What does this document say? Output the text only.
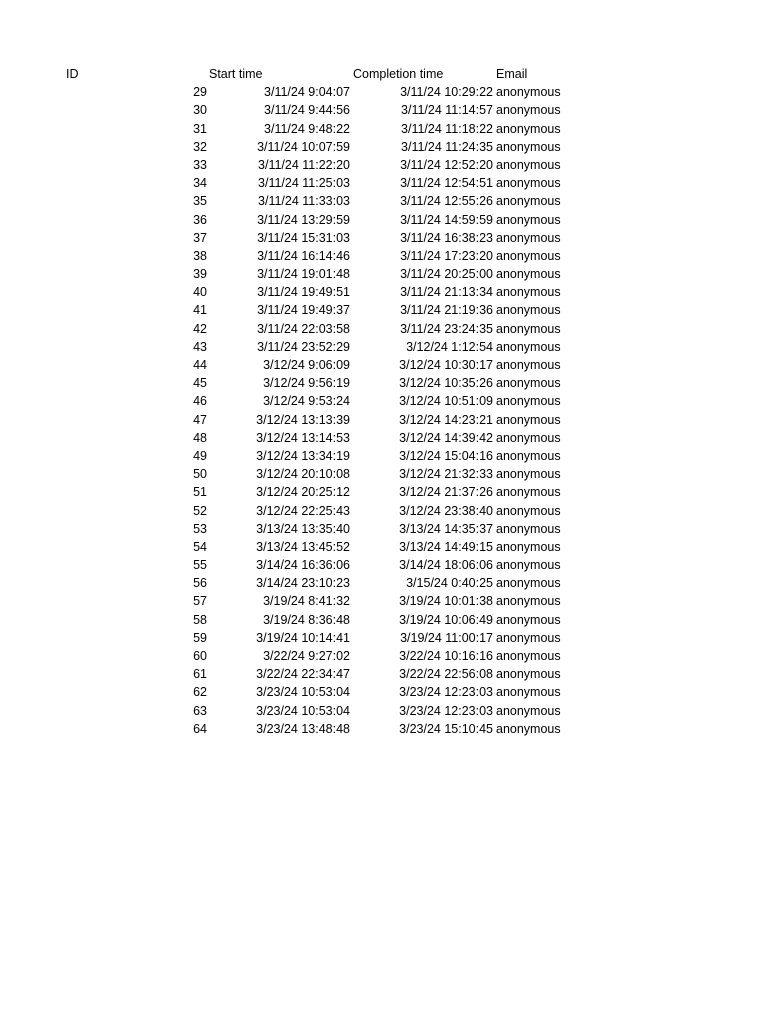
ID	Start time	Completion time	Email
29	3/11/24 9:04:07	3/11/24 10:29:22 anonymous
30	3/11/24 9:44:56	3/11/24 11:14:57 anonymous
31	3/11/24 9:48:22	3/11/24 11:18:22 anonymous
32	3/11/24 10:07:59	3/11/24 11:24:35 anonymous
33	3/11/24 11:22:20	3/11/24 12:52:20 anonymous
34	3/11/24 11:25:03	3/11/24 12:54:51 anonymous
35	3/11/24 11:33:03	3/11/24 12:55:26 anonymous
36	3/11/24 13:29:59	3/11/24 14:59:59 anonymous
37	3/11/24 15:31:03	3/11/24 16:38:23 anonymous
38	3/11/24 16:14:46	3/11/24 17:23:20 anonymous
39	3/11/24 19:01:48	3/11/24 20:25:00 anonymous
40	3/11/24 19:49:51	3/11/24 21:13:34 anonymous
41	3/11/24 19:49:37	3/11/24 21:19:36 anonymous
42	3/11/24 22:03:58	3/11/24 23:24:35 anonymous
43	3/11/24 23:52:29	3/12/24 1:12:54 anonymous
44	3/12/24 9:06:09	3/12/24 10:30:17 anonymous
45	3/12/24 9:56:19	3/12/24 10:35:26 anonymous
46	3/12/24 9:53:24	3/12/24 10:51:09 anonymous
47	3/12/24 13:13:39	3/12/24 14:23:21 anonymous
48	3/12/24 13:14:53	3/12/24 14:39:42 anonymous
49	3/12/24 13:34:19	3/12/24 15:04:16 anonymous
50	3/12/24 20:10:08	3/12/24 21:32:33 anonymous
51	3/12/24 20:25:12	3/12/24 21:37:26 anonymous
52	3/12/24 22:25:43	3/12/24 23:38:40 anonymous
53	3/13/24 13:35:40	3/13/24 14:35:37 anonymous
54	3/13/24 13:45:52	3/13/24 14:49:15 anonymous
55	3/14/24 16:36:06	3/14/24 18:06:06 anonymous
56	3/14/24 23:10:23	3/15/24 0:40:25 anonymous
57	3/19/24 8:41:32	3/19/24 10:01:38 anonymous
58	3/19/24 8:36:48	3/19/24 10:06:49 anonymous
59	3/19/24 10:14:41	3/19/24 11:00:17 anonymous
60	3/22/24 9:27:02	3/22/24 10:16:16 anonymous
61	3/22/24 22:34:47	3/22/24 22:56:08 anonymous
62	3/23/24 10:53:04	3/23/24 12:23:03 anonymous
63	3/23/24 10:53:04	3/23/24 12:23:03 anonymous
64	3/23/24 13:48:48	3/23/24 15:10:45 anonymous
